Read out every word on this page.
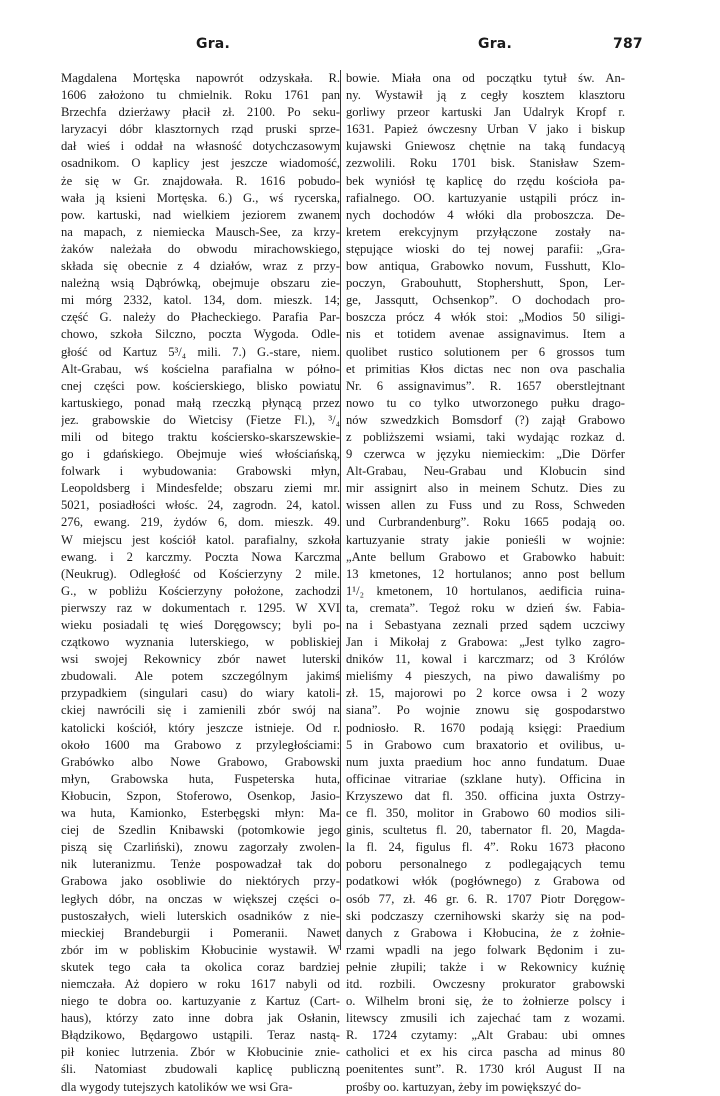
Gra.	Gra.	787
Magdalena Mortęska napowrót odzyskała. R.
1606 założono tu chmielnik. Roku 1761 pan
Brzechfa dzierżawy płacił zł. 2100. Po seku-
laryzacyi dóbr klasztornych rząd pruski sprze-
dał wieś i oddał na własność dotychczasowym
osadnikom. O kaplicy jest jeszcze wiadomość,
że się w Gr. znajdowała. R. 1616 pobudo-
wała ją ksieni Mortęska. 6.) G., wś rycerska,
pow. kartuski, nad wielkiem jeziorem zwanem
na mapach, z niemiecka Mausch-See, za krzy-
żaków należała do obwodu mirachowskiego,
składa się obecnie z 4 działów, wraz z przy-
należną wsią Dąbrówką, obejmuje obszaru zie-
mi mórg 2332, katol. 134, dom. mieszk. 14;
część G. należy do Płacheckiego. Parafia Par-
chowo, szkoła Silczno, poczta Wygoda. Odle-
głość od Kartuz 5³/₄ mili. 7.) G.-stare, niem.
Alt-Grabau, wś kościelna parafialna w półno-
cnej części pow. kościerskiego, blisko powiatu
kartuskiego, ponad małą rzeczką płynącą przez
jez. grabowskie do Wietcisy (Fietze Fl.), ³/₄
mili od bitego traktu kościersko-skarszewskie-
go i gdańskiego. Obejmuje wieś włościańską,
folwark i wybudowania: Grabowski młyn,
Leopoldsberg i Mindesfelde; obszaru ziemi mr.
5021, posiadłości włośc. 24, zagrodn. 24, katol.
276, ewang. 219, żydów 6, dom. mieszk. 49.
W miejscu jest kościół katol. parafialny, szkoła
ewang. i 2 karczmy. Poczta Nowa Karczma
(Neukrug). Odległość od Kościerzyny 2 mile.
G., w pobliżu Kościerzyny położone, zachodzi
pierwszy raz w dokumentach r. 1295. W XVI
wieku posiadali tę wieś Doręgowscy; byli po-
czątkowo wyznania luterskiego, w pobliskiej
wsi swojej Rekownicy zbór nawet luterski
zbudowali. Ale potem szczególnym jakimś
przypadkiem (singulari casu) do wiary katoli-
ckiej nawrócili się i zamienili zbór swój na
katolicki kościół, który jeszcze istnieje. Od r.
około 1600 ma Grabowo z przyległościami:
Grabówko albo Nowe Grabowo, Grabowski
młyn, Grabowska huta, Fuspeterska huta,
Kłobucin, Szpon, Stoferowo, Osenkop, Jasio-
wa huta, Kamionko, Esterbęgski młyn: Ma-
ciej de Szedlin Knibawski (potomkowie jego
piszą się Czarliński), znowu zagorzały zwolen-
nik luteranizmu. Tenże pospowadzał tak do
Grabowa jako osobliwie do niektórych przy-
ległych dóbr, na onczas w większej części o-
pustoszałych, wieli luterskich osadników z nie-
mieckiej Brandeburgii i Pomeranii. Nawet
zbór im w pobliskim Kłobucinie wystawił. W
skutek tego cała ta okolica coraz bardziej
niemczała. Aż dopiero w roku 1617 nabyli od
niego te dobra oo. kartuzyanie z Kartuz (Cart-
haus), którzy zato inne dobra jak Osłanin,
Błądzikowo, Będargowo ustąpili. Teraz nastą-
pił koniec lutrzenia. Zbór w Kłobucinie znie-
śli. Natomiast zbudowali kaplicę publiczną
dla wygody tutejszych katolików we wsi Gra-
bowie. Miała ona od początku tytuł św. An-
ny. Wystawił ją z cegły kosztem klasztoru
gorliwy przeor kartuski Jan Udalryk Kropf r.
1631. Papież ówczesny Urban V jako i biskup
kujawski Gniewosz chętnie na taką fundacyą
zezwolili. Roku 1701 bisk. Stanisław Szem-
bek wyniósł tę kaplicę do rzędu kościoła pa-
rafialnego. OO. kartuzyanie ustąpili prócz in-
nych dochodów 4 włóki dla proboszcza. De-
kretem erekcyjnym przyłączone zostały na-
stępujące wioski do tej nowej parafii: „Gra-
bow antiqua, Grabowko novum, Fusshutt, Klo-
poczyn, Grabouhutt, Stophershutt, Spon, Ler-
ge, Jassqutt, Ochsenkop”. O dochodach pro-
boszcza prócz 4 włók stoi: „Modios 50 siligi-
nis et totidem avenae assignavimus. Item a
quolibet rustico solutionem per 6 grossos tum
et primitias Kłos dictas nec non ova paschalia
Nr. 6 assignavimus”. R. 1657 oberstlejtnant
nowo tu co tylko utworzonego pułku drago-
nów szwedzkich Bomsdorf (?) zajął Grabowo
z pobliższemi wsiami, taki wydając rozkaz d.
9 czerwca w języku niemieckim: „Die Dörfer
Alt-Grabau, Neu-Grabau und Klobucin sind
mir assignirt also in meinem Schutz. Dies zu
wissen allen zu Fuss und zu Ross, Schweden
und Curbrandenburg”. Roku 1665 podają oo.
kartuzyanie straty jakie ponieśli w wojnie:
„Ante bellum Grabowo et Grabowko habuit:
13 kmetones, 12 hortulanos; anno post bellum
1¹/₂ kmetonem, 10 hortulanos, aedificia ruina-
ta, cremata”. Tegoż roku w dzień św. Fabia-
na i Sebastyana zeznali przed sądem uczciwy
Jan i Mikołaj z Grabowa: „Jest tylko zagro-
dników 11, kowal i karczmarz; od 3 Królów
mieliśmy 4 pieszych, na piwo dawaliśmy po
zł. 15, majorowi po 2 korce owsa i 2 wozy
siana”. Po wojnie znowu się gospodarstwo
podniosło. R. 1670 podają księgi: Praedium
5 in Grabowo cum braxatorio et ovilibus, u-
num juxta praedium hoc anno fundatum. Duae
officinae vitrariae (szklane huty). Officina in
Krzyszewo dat fl. 350. officina juxta Ostrzy-
ce fl. 350, molitor in Grabowo 60 modios sili-
ginis, scultetus fl. 20, tabernator fl. 20, Magda-
la fl. 24, figulus fl. 4”. Roku 1673 płacono
poboru personalnego z podlegających temu
podatkowi włók (pogłównego) z Grabowa od
osób 77, zł. 46 gr. 6. R. 1707 Piotr Doręgow-
ski podczaszy czernihowski skarży się na pod-
danych z Grabowa i Kłobucina, że z żołnie-
rzami wpadli na jego folwark Będonim i zu-
pełnie złupili; także i w Rekownicy kuźnię
itd. rozbili. Owczesny prokurator grabowski
o. Wilhelm broni się, że to żołnierze polscy i
litewscy zmusili ich zajechać tam z wozami.
R. 1724 czytamy: „Alt Grabau: ubi omnes
catholici et ex his circa pascha ad minus 80
poenitentes sunt”. R. 1730 król August II na
prośby oo. kartuzyan, żeby im powiększyć do-
